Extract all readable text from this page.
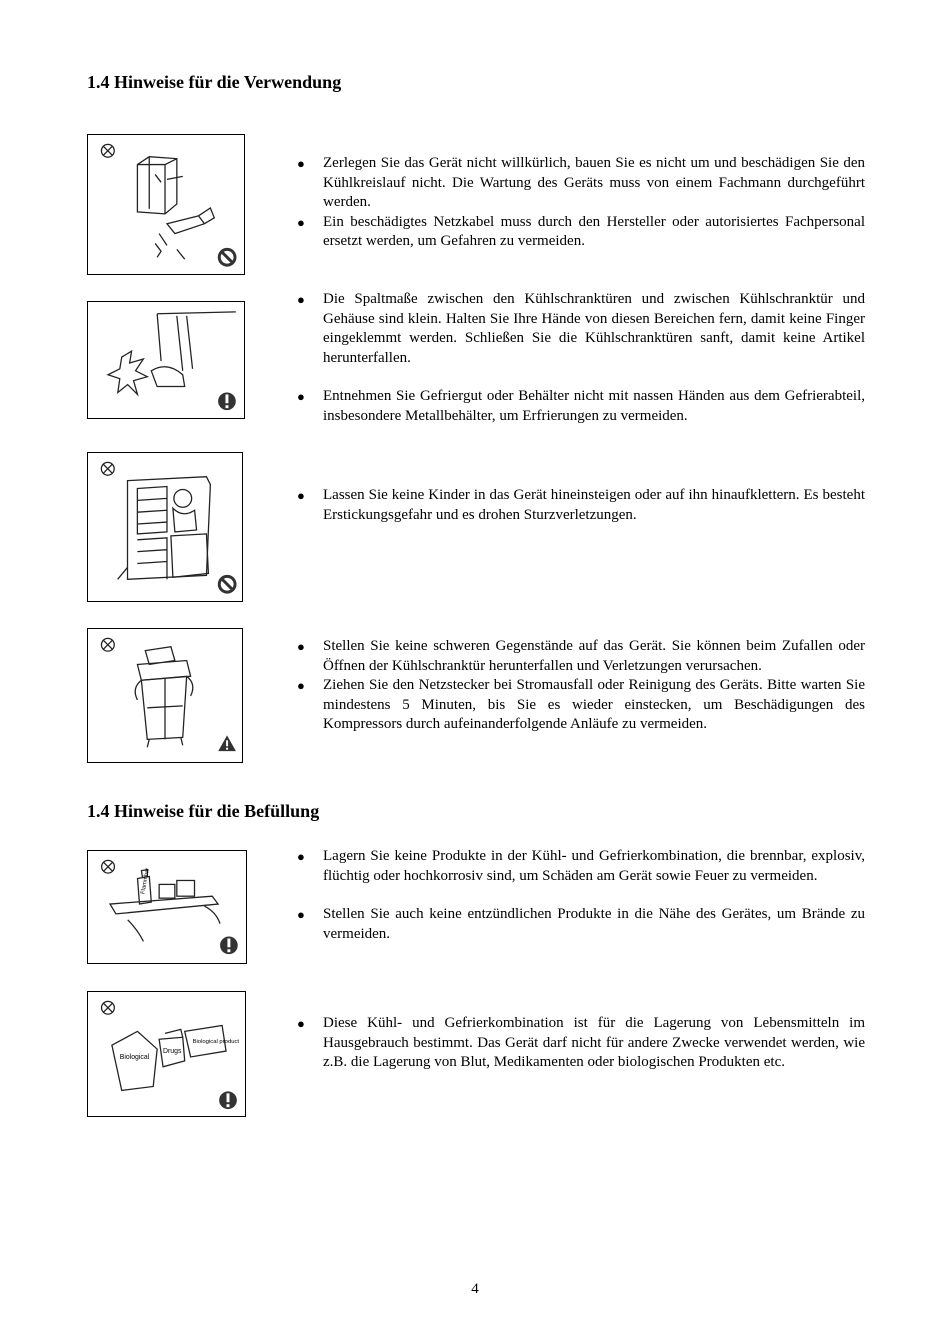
1.4 Hinweise für die Verwendung
● Zerlegen Sie das Gerät nicht willkürlich, bauen Sie es nicht um und beschädigen Sie den Kühlkreislauf nicht. Die Wartung des Geräts muss von einem Fachmann durchgeführt werden.
● Ein beschädigtes Netzkabel muss durch den Hersteller oder autorisiertes Fachpersonal ersetzt werden, um Gefahren zu vermeiden.
● Die Spaltmaße zwischen den Kühlschranktüren und zwischen Kühlschranktür und Gehäuse sind klein. Halten Sie Ihre Hände von diesen Bereichen fern, damit keine Finger eingeklemmt werden. Schließen Sie die Kühlschranktüren sanft, damit keine Artikel herunterfallen.
● Entnehmen Sie Gefriergut oder Behälter nicht mit nassen Händen aus dem Gefrierabteil, insbesondere Metallbehälter, um Erfrierungen zu vermeiden.
● Lassen Sie keine Kinder in das Gerät hineinsteigen oder auf ihn hinaufklettern. Es besteht Erstickungsgefahr und es drohen Sturzverletzungen.
● Stellen Sie keine schweren Gegenstände auf das Gerät. Sie können beim Zufallen oder Öffnen der Kühlschranktür herunterfallen und Verletzungen verursachen.
● Ziehen Sie den Netzstecker bei Stromausfall oder Reinigung des Geräts. Bitte warten Sie mindestens 5 Minuten, bis Sie es wieder einstecken, um Beschädigungen des Kompressors durch aufeinanderfolgende Anläufe zu vermeiden.
1.4 Hinweise für die Befüllung
Flammbar
● Lagern Sie keine Produkte in der Kühl- und Gefrierkombination, die brennbar, explosiv, flüchtig oder hochkorrosiv sind, um Schäden am Gerät sowie Feuer zu vermeiden.
● Stellen Sie auch keine entzündlichen Produkte in die Nähe des Gerätes, um Brände zu vermeiden.
Biological
Drugs
Biological product
● Diese Kühl- und Gefrierkombination ist für die Lagerung von Lebensmitteln im Hausgebrauch bestimmt. Das Gerät darf nicht für andere Zwecke verwendet werden, wie z.B. die Lagerung von Blut, Medikamenten oder biologischen Produkten etc.
4
